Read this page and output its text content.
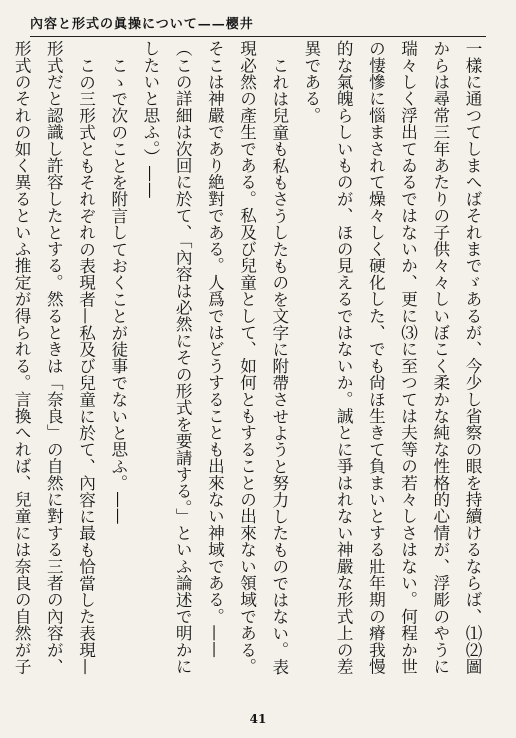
內容と形式の眞操について——櫻井

一樣に通つてしまへばそれまでゞあるが、今少し省察の眼を持續けるならば、⑴⑵圖からは尋常三年あたりの子供々々しいぼこく柔かな純な性格的心情が、浮彫のやうに瑞々しく浮出てゐるではないか、更に⑶に至つては夫等の若々しさはない。何程か世の悽慘に惱まされて燥々しく硬化した、でも尙ほ生きて負まいとする壯年期の瘠我慢的な氣魄らしいものが、ほの見えるではないか。誠とに爭はれない神嚴な形式上の差異である。

これは兒童も私もさうしたものを文字に附帶させようと努力したものではない。表現必然の產生である。私及び兒童として、如何ともすることの出來ない領域である。そこは神嚴であり絶對である。人爲ではどうすることも出來ない神域である。——（この詳細は次回に於て、「內容は必然にその形式を要請する。」といふ論述で明かにしたいと思ふ。）——

こゝで次のことを附言しておくことが徒事でないと思ふ。——

この三形式ともそれぞれの表現者—私及び兒童に於て、內容に最も恰當した表現—形式だと認識し許容したとする。然るときは「奈良」の自然に對する三者の內容が、形式のそれの如く異るといふ推定が得られる。言換へれば、兒童には奈良の自然が子

41
